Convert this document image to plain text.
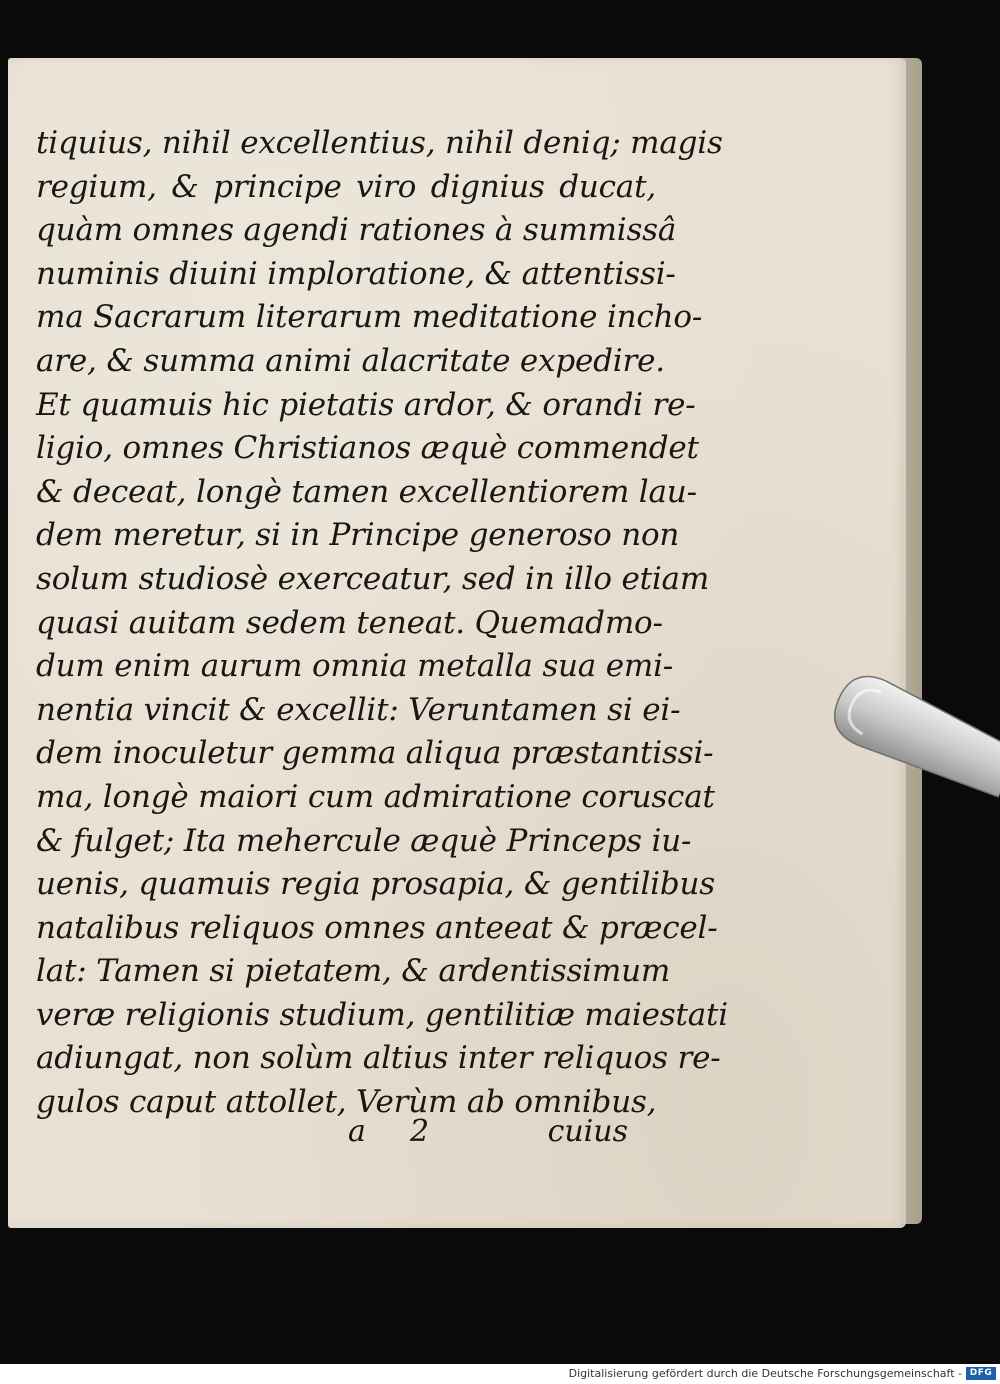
tiquius, nihil excellentius, nihil deniq; magis
regium, & principe viro dignius ducat,
quàm omnes agendi rationes à summissâ
numinis diuini imploratione, & attentissi-
ma Sacrarum literarum meditatione incho-
are, & summa animi alacritate expedire.
Et quamuis hic pietatis ardor, & orandi re-
ligio, omnes Christianos æquè commendet
& deceat, longè tamen excellentiorem lau-
dem meretur, si in Principe generoso non
solum studiosè exerceatur, sed in illo etiam
quasi auitam sedem teneat. Quemadmo-
dum enim aurum omnia metalla sua emi-
nentia vincit & excellit: Veruntamen si ei-
dem inoculetur gemma aliqua præstantissi-
ma, longè maiori cum admiratione coruscat
& fulget; Ita mehercule æquè Princeps iu-
uenis, quamuis regia prosapia, & gentilibus
natalibus reliquos omnes anteeat & præcel-
lat: Tamen si pietatem, & ardentissimum
veræ religionis studium, gentilitiæ maiestati
adiungat, non solùm altius inter reliquos re-
gulos caput attollet, Verùm ab omnibus,
a 2	cuius
Digitalisierung gefördert durch die Deutsche Forschungsgemeinschaft - DFG
